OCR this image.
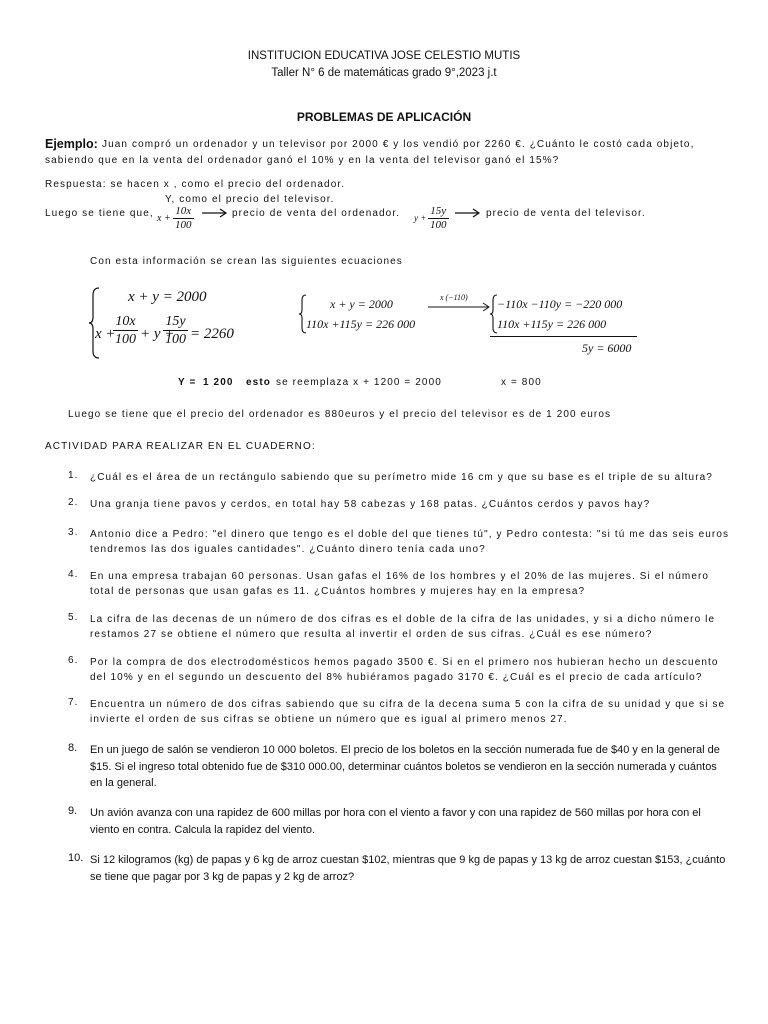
INSTITUCION EDUCATIVA JOSE CELESTIO MUTIS
Taller N° 6 de matemáticas grado 9°,2023 j.t
PROBLEMAS DE APLICACIÓN
Ejemplo: Juan compró un ordenador y un televisor por 2000 € y los vendió por 2260 €. ¿Cuánto le costó cada objeto,
sabiendo que en la venta del ordenador ganó el 10% y en la venta del televisor ganó el 15%?
Respuesta: se hacen x , como el precio del ordenador.
Y, como el precio del televisor.
Luego se tiene que, $x + \frac{10x}{100}$	precio de venta del ordenador. $y + \frac{15y}{100}$	precio de venta del televisor.
Con esta información se crean las siguientes ecuaciones
x + y = 2000
x +
$\frac{10x}{100} + y$ +
$\frac{15y}{100} = 2260$
x + y = 2000
110x +115y = 226 000
x (−110) −110x −110y = −220 000
110x +115y = 226 000
5y = 6000
Y = 1 200 esto se reemplaza x + 1200 = 2000	x = 800
Luego se tiene que el precio del ordenador es 880euros y el precio del televisor es de 1 200 euros
ACTIVIDAD PARA REALIZAR EN EL CUADERNO:
1. ¿Cuál es el área de un rectángulo sabiendo que su perímetro mide 16 cm y que su base es el triple de su altura?
2. Una granja tiene pavos y cerdos, en total hay 58 cabezas y 168 patas. ¿Cuántos cerdos y pavos hay?
3. Antonio dice a Pedro: "el dinero que tengo es el doble del que tienes tú", y Pedro contesta: "si tú me das seis euros tendremos las dos iguales cantidades". ¿Cuánto dinero tenía cada uno?
4. En una empresa trabajan 60 personas. Usan gafas el 16% de los hombres y el 20% de las mujeres. Si el número total de personas que usan gafas es 11. ¿Cuántos hombres y mujeres hay en la empresa?
5. La cifra de las decenas de un número de dos cifras es el doble de la cifra de las unidades, y si a dicho número le restamos 27 se obtiene el número que resulta al invertir el orden de sus cifras. ¿Cuál es ese número?
6. Por la compra de dos electrodomésticos hemos pagado 3500 €. Si en el primero nos hubieran hecho un descuento del 10% y en el segundo un descuento del 8% hubiéramos pagado 3170 €. ¿Cuál es el precio de cada artículo?
7. Encuentra un número de dos cifras sabiendo que su cifra de la decena suma 5 con la cifra de su unidad y que si se invierte el orden de sus cifras se obtiene un número que es igual al primero menos 27.
8. En un juego de salón se vendieron 10 000 boletos. El precio de los boletos en la sección numerada fue de $40 y en la general de $15. Si el ingreso total obtenido fue de $310 000.00, determinar cuántos boletos se vendieron en la sección numerada y cuántos en la general.
9. Un avión avanza con una rapidez de 600 millas por hora con el viento a favor y con una rapidez de 560 millas por hora con el viento en contra. Calcula la rapidez del viento.
10. Si 12 kilogramos (kg) de papas y 6 kg de arroz cuestan $102, mientras que 9 kg de papas y 13 kg de arroz cuestan $153, ¿cuánto se tiene que pagar por 3 kg de papas y 2 kg de arroz?
